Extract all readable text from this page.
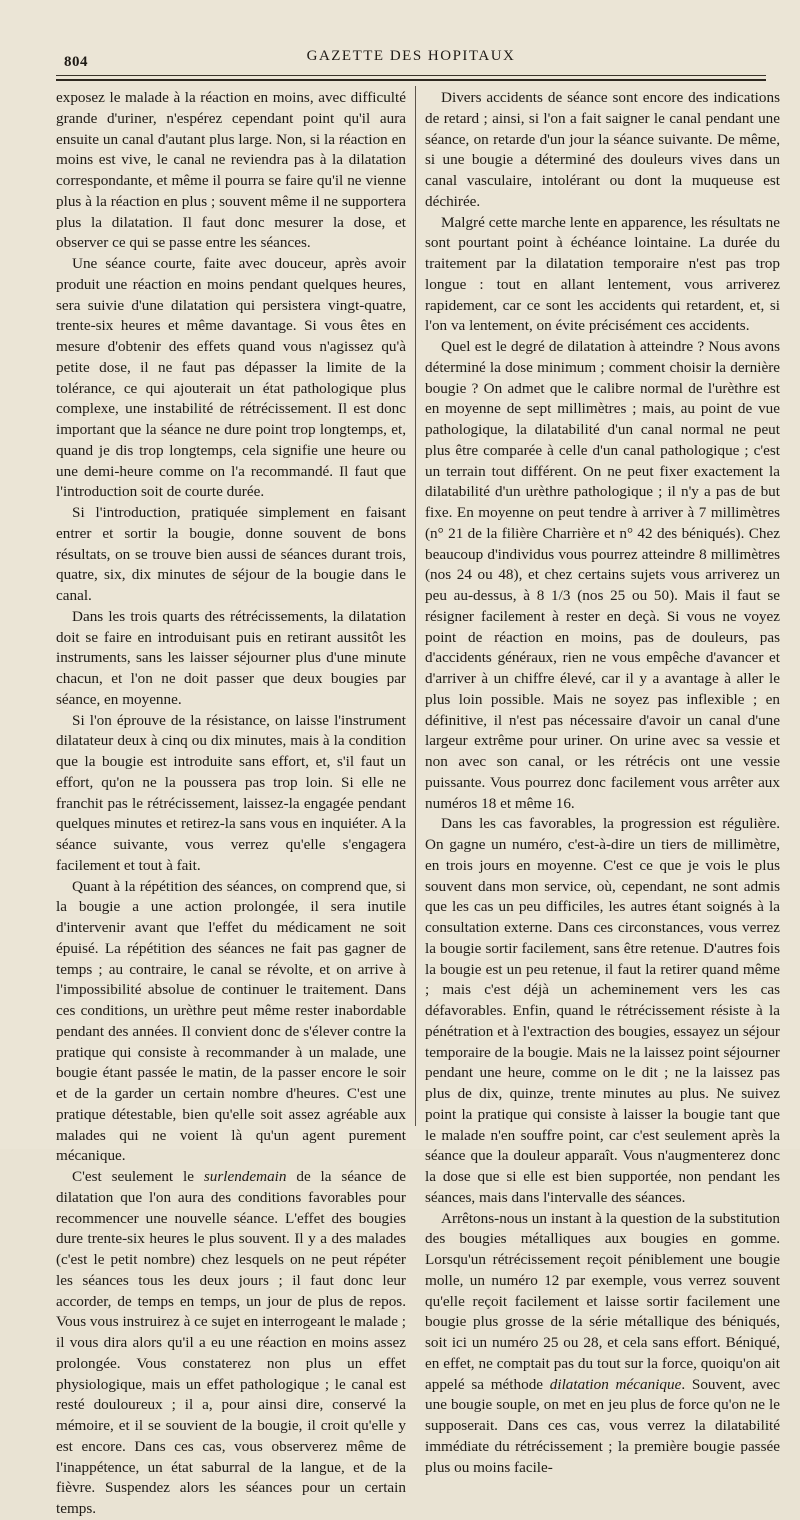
804	GAZETTE DES HOPITAUX

exposez le malade à la réaction en moins, avec difficulté grande d'uriner, n'espérez cependant point qu'il aura ensuite un canal d'autant plus large. Non, si la réaction en moins est vive, le canal ne reviendra pas à la dilatation correspondante, et même il pourra se faire qu'il ne vienne plus à la réaction en plus ; souvent même il ne supportera plus la dilatation. Il faut donc mesurer la dose, et observer ce qui se passe entre les séances.

Une séance courte, faite avec douceur, après avoir produit une réaction en moins pendant quelques heures, sera suivie d'une dilatation qui persistera vingt-quatre, trente-six heures et même davantage. Si vous êtes en mesure d'obtenir des effets quand vous n'agissez qu'à petite dose, il ne faut pas dépasser la limite de la tolérance, ce qui ajouterait un état pathologique plus complexe, une instabilité de rétrécissement. Il est donc important que la séance ne dure point trop longtemps, et, quand je dis trop longtemps, cela signifie une heure ou une demi-heure comme on l'a recommandé. Il faut que l'introduction soit de courte durée.

Si l'introduction, pratiquée simplement en faisant entrer et sortir la bougie, donne souvent de bons résultats, on se trouve bien aussi de séances durant trois, quatre, six, dix minutes de séjour de la bougie dans le canal.

Dans les trois quarts des rétrécissements, la dilatation doit se faire en introduisant puis en retirant aussitôt les instruments, sans les laisser séjourner plus d'une minute chacun, et l'on ne doit passer que deux bougies par séance, en moyenne.

Si l'on éprouve de la résistance, on laisse l'instrument dilatateur deux à cinq ou dix minutes, mais à la condition que la bougie est introduite sans effort, et, s'il faut un effort, qu'on ne la poussera pas trop loin. Si elle ne franchit pas le rétrécissement, laissez-la engagée pendant quelques minutes et retirez-la sans vous en inquiéter. A la séance suivante, vous verrez qu'elle s'engagera facilement et tout à fait.

Quant à la répétition des séances, on comprend que, si la bougie a une action prolongée, il sera inutile d'intervenir avant que l'effet du médicament ne soit épuisé. La répétition des séances ne fait pas gagner de temps ; au contraire, le canal se révolte, et on arrive à l'impossibilité absolue de continuer le traitement. Dans ces conditions, un urèthre peut même rester inabordable pendant des années. Il convient donc de s'élever contre la pratique qui consiste à recommander à un malade, une bougie étant passée le matin, de la passer encore le soir et de la garder un certain nombre d'heures. C'est une pratique détestable, bien qu'elle soit assez agréable aux malades qui ne voient là qu'un agent purement mécanique.

C'est seulement le surlendemain de la séance de dilatation que l'on aura des conditions favorables pour recommencer une nouvelle séance. L'effet des bougies dure trente-six heures le plus souvent. Il y a des malades (c'est le petit nombre) chez lesquels on ne peut répéter les séances tous les deux jours ; il faut donc leur accorder, de temps en temps, un jour de plus de repos. Vous vous instruirez à ce sujet en interrogeant le malade ; il vous dira alors qu'il a eu une réaction en moins assez prolongée. Vous constaterez non plus un effet physiologique, mais un effet pathologique ; le canal est resté douloureux ; il a, pour ainsi dire, conservé la mémoire, et il se souvient de la bougie, il croit qu'elle y est encore. Dans ces cas, vous observerez même de l'inappétence, un état saburral de la langue, et de la fièvre. Suspendez alors les séances pour un certain temps.

Divers accidents de séance sont encore des indications de retard ; ainsi, si l'on a fait saigner le canal pendant une séance, on retarde d'un jour la séance suivante. De même, si une bougie a déterminé des douleurs vives dans un canal vasculaire, intolérant ou dont la muqueuse est déchirée.

Malgré cette marche lente en apparence, les résultats ne sont pourtant point à échéance lointaine. La durée du traitement par la dilatation temporaire n'est pas trop longue : tout en allant lentement, vous arriverez rapidement, car ce sont les accidents qui retardent, et, si l'on va lentement, on évite précisément ces accidents.

Quel est le degré de dilatation à atteindre ? Nous avons déterminé la dose minimum ; comment choisir la dernière bougie ? On admet que le calibre normal de l'urèthre est en moyenne de sept millimètres ; mais, au point de vue pathologique, la dilatabilité d'un canal normal ne peut plus être comparée à celle d'un canal pathologique ; c'est un terrain tout différent. On ne peut fixer exactement la dilatabilité d'un urèthre pathologique ; il n'y a pas de but fixe. En moyenne on peut tendre à arriver à 7 millimètres (n° 21 de la filière Charrière et n° 42 des béniqués). Chez beaucoup d'individus vous pourrez atteindre 8 millimètres (nos 24 ou 48), et chez certains sujets vous arriverez un peu au-dessus, à 8 1/3 (nos 25 ou 50). Mais il faut se résigner facilement à rester en deçà. Si vous ne voyez point de réaction en moins, pas de douleurs, pas d'accidents généraux, rien ne vous empêche d'avancer et d'arriver à un chiffre élevé, car il y a avantage à aller le plus loin possible. Mais ne soyez pas inflexible ; en définitive, il n'est pas nécessaire d'avoir un canal d'une largeur extrême pour uriner. On urine avec sa vessie et non avec son canal, or les rétrécis ont une vessie puissante. Vous pourrez donc facilement vous arrêter aux numéros 18 et même 16.

Dans les cas favorables, la progression est régulière. On gagne un numéro, c'est-à-dire un tiers de millimètre, en trois jours en moyenne. C'est ce que je vois le plus souvent dans mon service, où, cependant, ne sont admis que les cas un peu difficiles, les autres étant soignés à la consultation externe. Dans ces circonstances, vous verrez la bougie sortir facilement, sans être retenue. D'autres fois la bougie est un peu retenue, il faut la retirer quand même ; mais c'est déjà un acheminement vers les cas défavorables. Enfin, quand le rétrécissement résiste à la pénétration et à l'extraction des bougies, essayez un séjour temporaire de la bougie. Mais ne la laissez point séjourner pendant une heure, comme on le dit ; ne la laissez pas plus de dix, quinze, trente minutes au plus. Ne suivez point la pratique qui consiste à laisser la bougie tant que le malade n'en souffre point, car c'est seulement après la séance que la douleur apparaît. Vous n'augmenterez donc la dose que si elle est bien supportée, non pendant les séances, mais dans l'intervalle des séances.

Arrêtons-nous un instant à la question de la substitution des bougies métalliques aux bougies en gomme. Lorsqu'un rétrécissement reçoit péniblement une bougie molle, un numéro 12 par exemple, vous verrez souvent qu'elle reçoit facilement et laisse sortir facilement une bougie plus grosse de la série métallique des béniqués, soit ici un numéro 25 ou 28, et cela sans effort. Béniqué, en effet, ne comptait pas du tout sur la force, quoiqu'on ait appelé sa méthode dilatation mécanique. Souvent, avec une bougie souple, on met en jeu plus de force qu'on ne le supposerait. Dans ces cas, vous verrez la dilatabilité immédiate du rétrécissement ; la première bougie passée plus ou moins facile-
